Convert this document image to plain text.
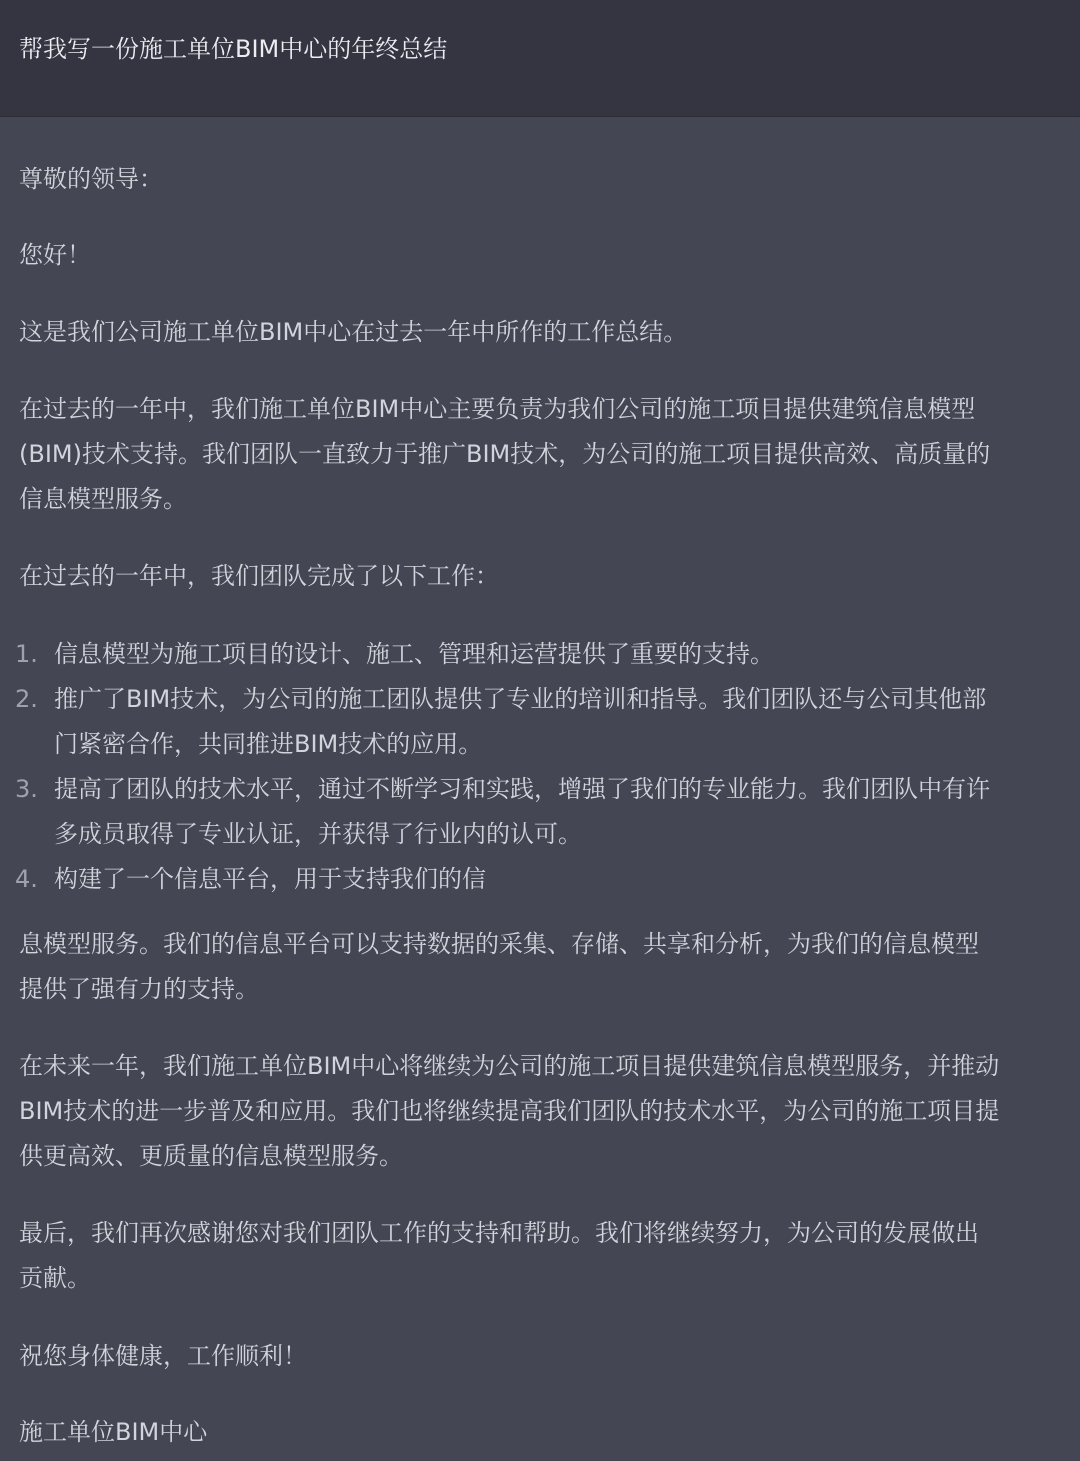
帮我写一份施工单位BIM中心的年终总结
尊敬的领导：
您好！
这是我们公司施工单位BIM中心在过去一年中所作的工作总结。
在过去的一年中，我们施工单位BIM中心主要负责为我们公司的施工项目提供建筑信息模型
(BIM)技术支持。我们团队一直致力于推广BIM技术，为公司的施工项目提供高效、高质量的
信息模型服务。
在过去的一年中，我们团队完成了以下工作：
1. 信息模型为施工项目的设计、施工、管理和运营提供了重要的支持。
2. 推广了BIM技术，为公司的施工团队提供了专业的培训和指导。我们团队还与公司其他部
门紧密合作，共同推进BIM技术的应用。
3. 提高了团队的技术水平，通过不断学习和实践，增强了我们的专业能力。我们团队中有许
多成员取得了专业认证，并获得了行业内的认可。
4. 构建了一个信息平台，用于支持我们的信
息模型服务。我们的信息平台可以支持数据的采集、存储、共享和分析，为我们的信息模型
提供了强有力的支持。
在未来一年，我们施工单位BIM中心将继续为公司的施工项目提供建筑信息模型服务，并推动
BIM技术的进一步普及和应用。我们也将继续提高我们团队的技术水平，为公司的施工项目提
供更高效、更质量的信息模型服务。
最后，我们再次感谢您对我们团队工作的支持和帮助。我们将继续努力，为公司的发展做出
贡献。
祝您身体健康，工作顺利！
施工单位BIM中心
